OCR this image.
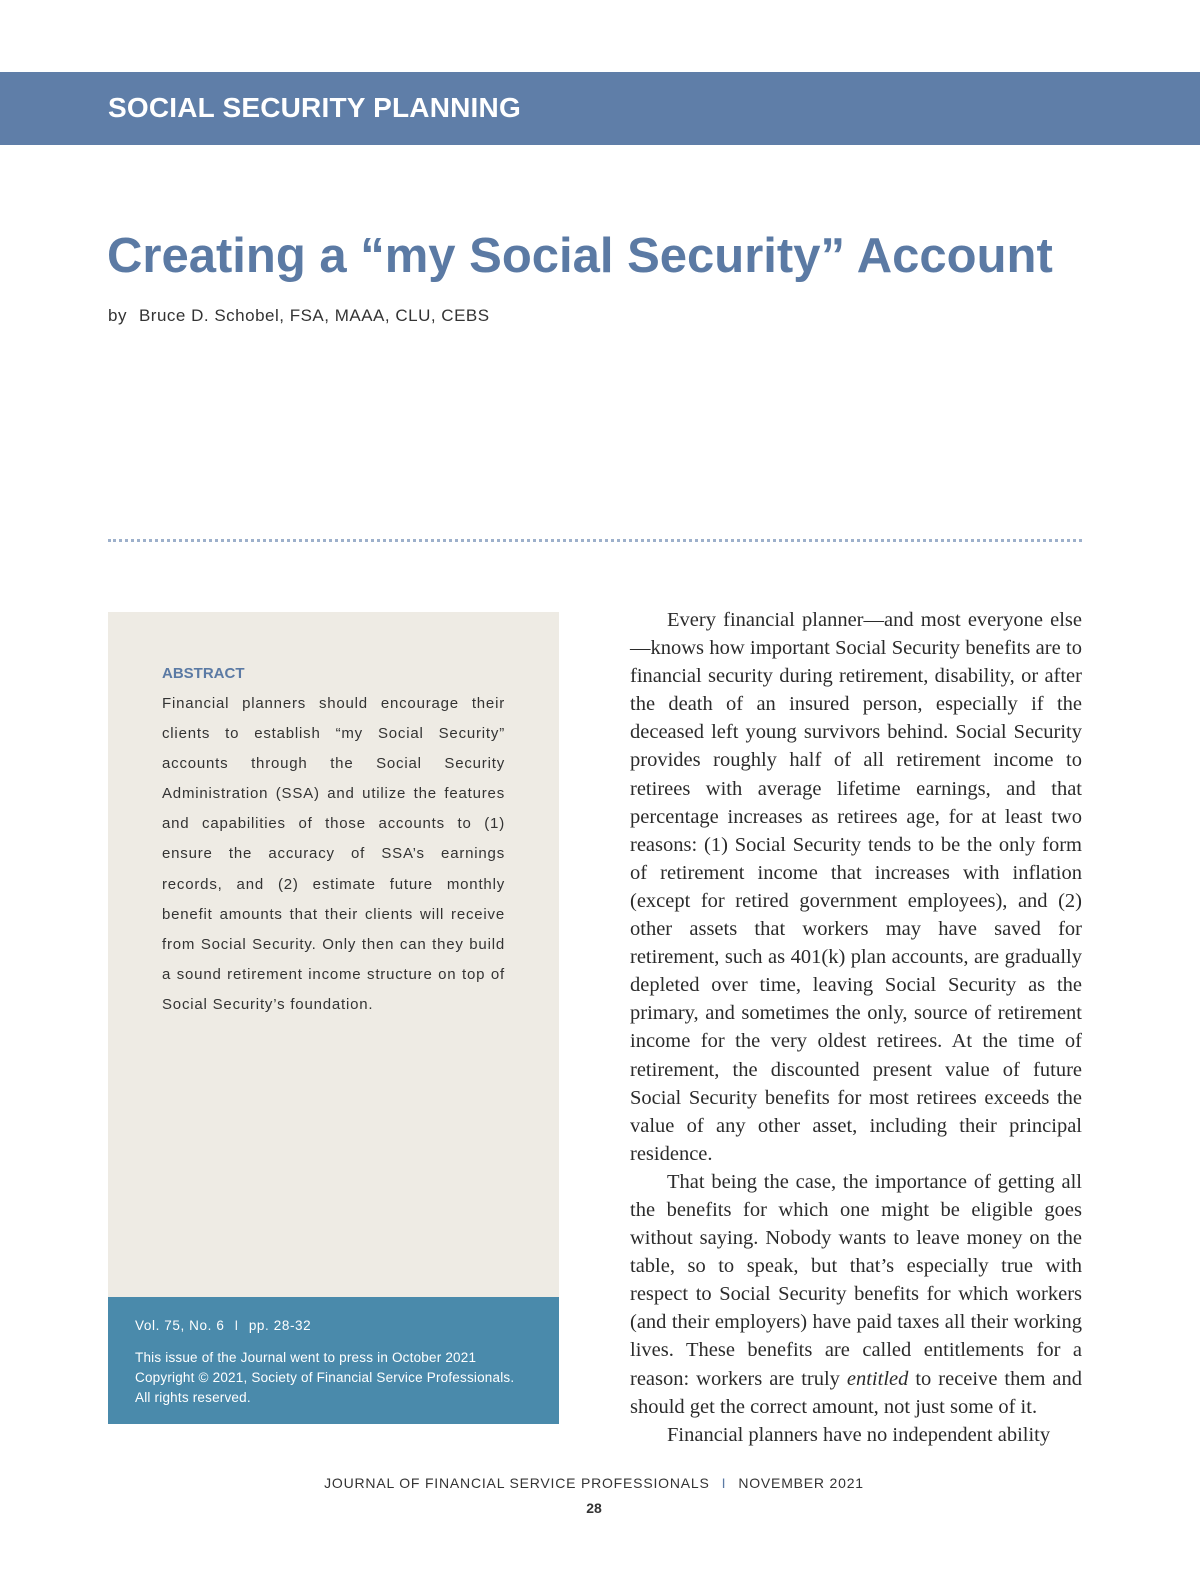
SOCIAL SECURITY PLANNING
Creating a “my Social Security” Account
by Bruce D. Schobel, FSA, MAAA, CLU, CEBS
ABSTRACT

Financial planners should encourage their clients to establish “my Social Security” accounts through the Social Security Administration (SSA) and utilize the features and capabilities of those accounts to (1) ensure the accuracy of SSA’s earnings records, and (2) estimate future monthly benefit amounts that their clients will receive from Social Security. Only then can they build a sound retirement income structure on top of Social Security’s foundation.

Vol. 75, No. 6 I pp. 28-32

This issue of the Journal went to press in October 2021
Copyright © 2021, Society of Financial Service Professionals.
All rights reserved.

Every financial planner—and most everyone else—knows how important Social Security benefits are to financial security during retirement, disability, or after the death of an insured person, especially if the deceased left young survivors behind. Social Security provides roughly half of all retirement income to retirees with average lifetime earnings, and that percentage increases as retirees age, for at least two reasons: (1) Social Security tends to be the only form of retirement income that increases with inflation (except for retired government employees), and (2) other assets that workers may have saved for retirement, such as 401(k) plan accounts, are gradually depleted over time, leaving Social Security as the primary, and sometimes the only, source of retirement income for the very oldest retirees. At the time of retirement, the discounted present value of future Social Security benefits for most retirees exceeds the value of any other asset, including their principal residence.

That being the case, the importance of getting all the benefits for which one might be eligible goes without saying. Nobody wants to leave money on the table, so to speak, but that’s especially true with respect to Social Security benefits for which workers (and their employers) have paid taxes all their working lives. These benefits are called entitlements for a reason: workers are truly entitled to receive them and should get the correct amount, not just some of it.

Financial planners have no independent ability

JOURNAL OF FINANCIAL SERVICE PROFESSIONALS I NOVEMBER 2021
28
